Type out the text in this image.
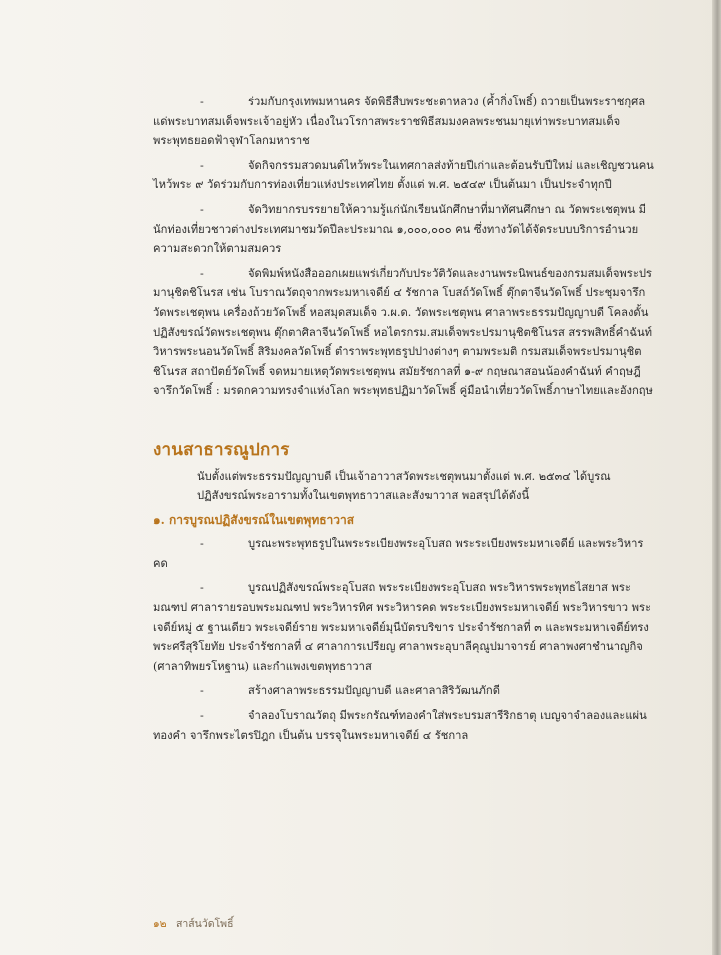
-	ร่วมกับกรุงเทพมหานคร จัดพิธีสืบพระชะตาหลวง (ค้ำกิ่งโพธิ์) ถวายเป็นพระราชกุศลแด่พระบาทสมเด็จพระเจ้าอยู่หัว เนื่องในวโรกาสพระราชพิธีสมมงคลพระชนมายุเท่าพระบาทสมเด็จพระพุทธยอดฟ้าจุฬาโลกมหาราช

-	จัดกิจกรรมสวดมนต์ไหว้พระในเทศกาลส่งท้ายปีเก่าและต้อนรับปีใหม่ และเชิญชวนคนไหว้พระ ๙ วัดร่วมกับการท่องเที่ยวแห่งประเทศไทย ตั้งแต่ พ.ศ. ๒๕๔๙ เป็นต้นมา เป็นประจำทุกปี

-	จัดวิทยากรบรรยายให้ความรู้แก่นักเรียนนักศึกษาที่มาทัศนศึกษา ณ วัดพระเชตุพน มีนักท่องเที่ยวชาวต่างประเทศมาชมวัดปีละประมาณ ๑,๐๐๐,๐๐๐ คน ซึ่งทางวัดได้จัดระบบบริการอำนวยความสะดวกให้ตามสมควร

-	จัดพิมพ์หนังสือออกเผยแพร่เกี่ยวกับประวัติวัดและงานพระนิพนธ์ของกรมสมเด็จพระปรมานุชิตชิโนรส เช่น โบราณวัตถุจากพระมหาเจดีย์ ๔ รัชกาล โบสถ์วัดโพธิ์ ตุ๊กตาจีนวัดโพธิ์ ประชุมจารึกวัดพระเชตุพน เครื่องถ้วยวัดโพธิ์ หอสมุดสมเด็จ ว.ผ.ด. วัดพระเชตุพน ศาลาพระธรรมปัญญาบดี โคลงดั้นปฏิสังขรณ์วัดพระเชตุพน ตุ๊กตาศิลาจีนวัดโพธิ์ หอไตรกรม.สมเด็จพระปรมานุชิตชิโนรส สรรพสิทธิ์คำฉันท์ วิหารพระนอนวัดโพธิ์ สิริมงคลวัดโพธิ์ ตำราพระพุทธรูปปางต่างๆ ตามพระมติ กรมสมเด็จพระปรมานุชิตชิโนรส สถาปัตย์วัดโพธิ์ จดหมายเหตุวัดพระเชตุพน สมัยรัชกาลที่ ๑-๙ กฤษณาสอนน้องคำฉันท์ คำฤษฎี จารึกวัดโพธิ์ : มรดกความทรงจำแห่งโลก พระพุทธปฏิมาวัดโพธิ์ คู่มือนำเที่ยววัดโพธิ์ภาษาไทยและอังกฤษ

งานสาธารณูปการ

นับตั้งแต่พระธรรมปัญญาบดี เป็นเจ้าอาวาสวัดพระเชตุพนมาตั้งแต่ พ.ศ. ๒๕๓๔ ได้บูรณปฏิสังขรณ์พระอารามทั้งในเขตพุทธาวาสและสังฆาวาส พอสรุปได้ดังนี้

๑. การบูรณปฏิสังขรณ์ในเขตพุทธาวาส

-	บูรณะพระพุทธรูปในพระระเบียงพระอุโบสถ พระระเบียงพระมหาเจดีย์ และพระวิหารคด

-	บูรณปฏิสังขรณ์พระอุโบสถ พระระเบียงพระอุโบสถ พระวิหารพระพุทธไสยาส พระมณฑป ศาลารายรอบพระมณฑป พระวิหารทิศ พระวิหารคด พระระเบียงพระมหาเจดีย์ พระวิหารขาว พระเจดีย์หมู่ ๕ ฐานเดียว พระเจดีย์ราย พระมหาเจดีย์มุนีบัตรบริขาร ประจำรัชกาลที่ ๓ และพระมหาเจดีย์ทรงพระศรีสุริโยทัย ประจำรัชกาลที่ ๔ ศาลาการเปรียญ ศาลาพระอุบาลีคุณูปมาจารย์ ศาลาพงศาชำนาญกิจ (ศาลาทิพยรโหฐาน) และกำแพงเขตพุทธาวาส

-	สร้างศาลาพระธรรมปัญญาบดี และศาลาสิริวัฒนภักดี

-	จำลองโบราณวัตถุ มีพระกรัณฑ์ทองคำใส่พระบรมสารีริกธาตุ เบญจาจำลองและแผ่นทองคำ จารึกพระไตรปิฎก เป็นต้น บรรจุในพระมหาเจดีย์ ๔ รัชกาล

๑๒ สาส์นวัดโพธิ์
